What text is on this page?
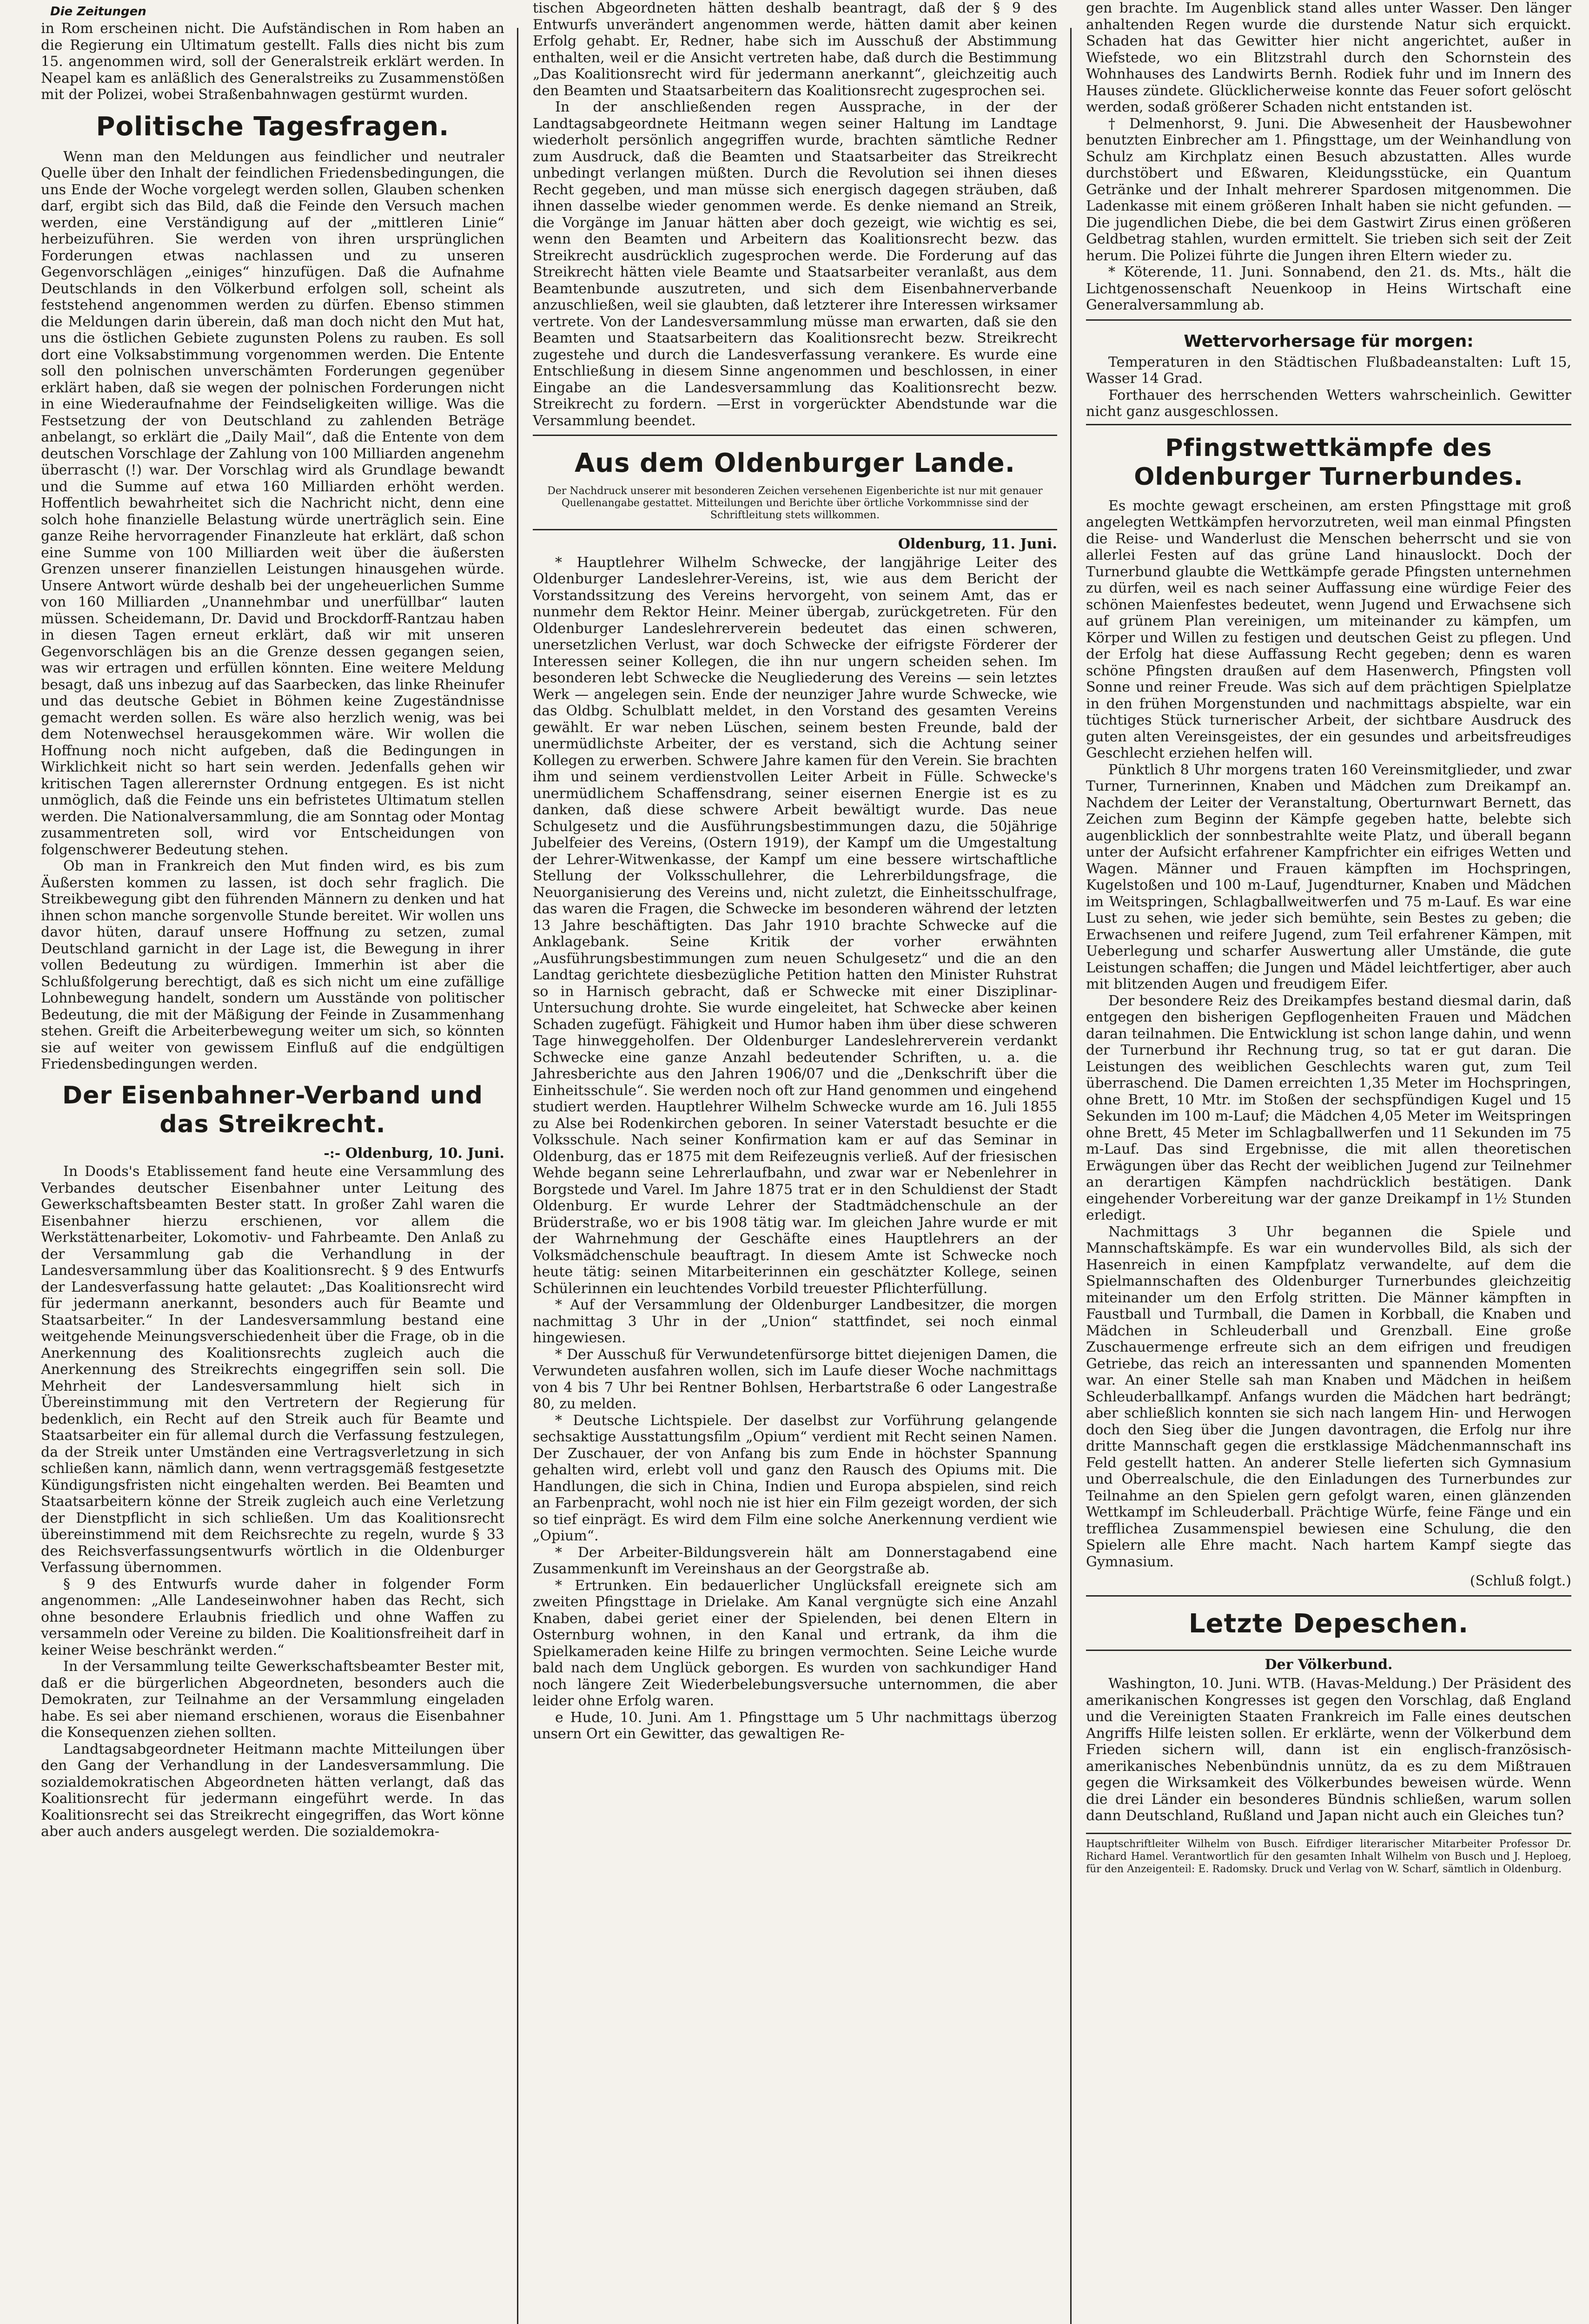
Die Zeitungen

in Rom erscheinen nicht. Die Aufständischen in Rom haben an die Regierung ein Ultimatum gestellt. Falls dies nicht bis zum 15. angenommen wird, soll der Generalstreik erklärt werden. In Neapel kam es anläßlich des Generalstreiks zu Zusammenstößen mit der Polizei, wobei Straßenbahnwagen gestürmt wurden.

Politische Tagesfragen.

Wenn man den Meldungen aus feindlicher und neutraler Quelle über den Inhalt der feindlichen Friedensbedingungen, die uns Ende der Woche vorgelegt werden sollen, Glauben schenken darf, ergibt sich das Bild, daß die Feinde den Versuch machen werden, eine Verständigung auf der „mittleren Linie“ herbeizuführen. Sie werden von ihren ursprünglichen Forderungen etwas nachlassen und zu unseren Gegenvorschlägen „einiges“ hinzufügen. Daß die Aufnahme Deutschlands in den Völkerbund erfolgen soll, scheint als feststehend angenommen werden zu dürfen. Ebenso stimmen die Meldungen darin überein, daß man doch nicht den Mut hat, uns die östlichen Gebiete zugunsten Polens zu rauben. Es soll dort eine Volksabstimmung vorgenommen werden. Die Entente soll den polnischen unverschämten Forderungen gegenüber erklärt haben, daß sie wegen der polnischen Forderungen nicht in eine Wiederaufnahme der Feindseligkeiten willige. Was die Festsetzung der von Deutschland zu zahlenden Beträge anbelangt, so erklärt die „Daily Mail“, daß die Entente von dem deutschen Vorschlage der Zahlung von 100 Milliarden angenehm überrascht (!) war. Der Vorschlag wird als Grundlage bewandt und die Summe auf etwa 160 Milliarden erhöht werden. Hoffentlich bewahrheitet sich die Nachricht nicht, denn eine solch hohe finanzielle Belastung würde unerträglich sein. Eine ganze Reihe hervorragender Finanzleute hat erklärt, daß schon eine Summe von 100 Milliarden weit über die äußersten Grenzen unserer finanziellen Leistungen hinausgehen würde. Unsere Antwort würde deshalb bei der ungeheuerlichen Summe von 160 Milliarden „Unannehmbar und unerfüllbar“ lauten müssen. Scheidemann, Dr. David und Brockdorff-Rantzau haben in diesen Tagen erneut erklärt, daß wir mit unseren Gegenvorschlägen bis an die Grenze dessen gegangen seien, was wir ertragen und erfüllen könnten. Eine weitere Meldung besagt, daß uns inbezug auf das Saarbecken, das linke Rheinufer und das deutsche Gebiet in Böhmen keine Zugeständnisse gemacht werden sollen. Es wäre also herzlich wenig, was bei dem Notenwechsel herausgekommen wäre. Wir wollen die Hoffnung noch nicht aufgeben, daß die Bedingungen in Wirklichkeit nicht so hart sein werden. Jedenfalls gehen wir kritischen Tagen allerernster Ordnung entgegen. Es ist nicht unmöglich, daß die Feinde uns ein befristetes Ultimatum stellen werden. Die Nationalversammlung, die am Sonntag oder Montag zusammentreten soll, wird vor Entscheidungen von folgenschwerer Bedeutung stehen.

Ob man in Frankreich den Mut finden wird, es bis zum Äußersten kommen zu lassen, ist doch sehr fraglich. Die Streikbewegung gibt den führenden Männern zu denken und hat ihnen schon manche sorgenvolle Stunde bereitet. Wir wollen uns davor hüten, darauf unsere Hoffnung zu setzen, zumal Deutschland garnicht in der Lage ist, die Bewegung in ihrer vollen Bedeutung zu würdigen. Immerhin ist aber die Schlußfolgerung berechtigt, daß es sich nicht um eine zufällige Lohnbewegung handelt, sondern um Ausstände von politischer Bedeutung, die mit der Mäßigung der Feinde in Zusammenhang stehen. Greift die Arbeiterbewegung weiter um sich, so könnten sie auf weiter von gewissem Einfluß auf die endgültigen Friedensbedingungen werden.

Der Eisenbahner-Verband und das Streikrecht.

-:- Oldenburg, 10. Juni.

In Doods's Etablissement fand heute eine Versammlung des Verbandes deutscher Eisenbahner unter Leitung des Gewerkschaftsbeamten Bester statt. In großer Zahl waren die Eisenbahner hierzu erschienen, vor allem die Werkstättenarbeiter, Lokomotiv- und Fahrbeamte. Den Anlaß zu der Versammlung gab die Verhandlung in der Landesversammlung über das Koalitionsrecht. § 9 des Entwurfs der Landesverfassung hatte gelautet: „Das Koalitionsrecht wird für jedermann anerkannt, besonders auch für Beamte und Staatsarbeiter.“ In der Landesversammlung bestand eine weitgehende Meinungsverschiedenheit über die Frage, ob in die Anerkennung des Koalitionsrechts zugleich auch die Anerkennung des Streikrechts eingegriffen sein soll. Die Mehrheit der Landesversammlung hielt sich in Übereinstimmung mit den Vertretern der Regierung für bedenklich, ein Recht auf den Streik auch für Beamte und Staatsarbeiter ein für allemal durch die Verfassung festzulegen, da der Streik unter Umständen eine Vertragsverletzung in sich schließen kann, nämlich dann, wenn vertragsgemäß festgesetzte Kündigungsfristen nicht eingehalten werden. Bei Beamten und Staatsarbeitern könne der Streik zugleich auch eine Verletzung der Dienstpflicht in sich schließen. Um das Koalitionsrecht übereinstimmend mit dem Reichsrechte zu regeln, wurde § 33 des Reichsverfassungsentwurfs wörtlich in die Oldenburger Verfassung übernommen.

§ 9 des Entwurfs wurde daher in folgender Form angenommen: „Alle Landeseinwohner haben das Recht, sich ohne besondere Erlaubnis friedlich und ohne Waffen zu versammeln oder Vereine zu bilden. Die Koalitionsfreiheit darf in keiner Weise beschränkt werden.“

In der Versammlung teilte Gewerkschaftsbeamter Bester mit, daß er die bürgerlichen Abgeordneten, besonders auch die Demokraten, zur Teilnahme an der Versammlung eingeladen habe. Es sei aber niemand erschienen, woraus die Eisenbahner die Konsequenzen ziehen sollten.

Landtagsabgeordneter Heitmann machte Mitteilungen über den Gang der Verhandlung in der Landesversammlung. Die sozialdemokratischen Abgeordneten hätten verlangt, daß das Koalitionsrecht für jedermann eingeführt werde. In das Koalitionsrecht sei das Streikrecht eingegriffen, das Wort könne aber auch anders ausgelegt werden. Die sozialdemokra-

tischen Abgeordneten hätten deshalb beantragt, daß der § 9 des Entwurfs unverändert angenommen werde, hätten damit aber keinen Erfolg gehabt. Er, Redner, habe sich im Ausschuß der Abstimmung enthalten, weil er die Ansicht vertreten habe, daß durch die Bestimmung „Das Koalitionsrecht wird für jedermann anerkannt“, gleichzeitig auch den Beamten und Staatsarbeitern das Koalitionsrecht zugesprochen sei.

In der anschließenden regen Aussprache, in der der Landtagsabgeordnete Heitmann wegen seiner Haltung im Landtage wiederholt persönlich angegriffen wurde, brachten sämtliche Redner zum Ausdruck, daß die Beamten und Staatsarbeiter das Streikrecht unbedingt verlangen müßten. Durch die Revolution sei ihnen dieses Recht gegeben, und man müsse sich energisch dagegen sträuben, daß ihnen dasselbe wieder genommen werde. Es denke niemand an Streik, die Vorgänge im Januar hätten aber doch gezeigt, wie wichtig es sei, wenn den Beamten und Arbeitern das Koalitionsrecht bezw. das Streikrecht ausdrücklich zugesprochen werde. Die Forderung auf das Streikrecht hätten viele Beamte und Staatsarbeiter veranlaßt, aus dem Beamtenbunde auszutreten, und sich dem Eisenbahnerverbande anzuschließen, weil sie glaubten, daß letzterer ihre Interessen wirksamer vertrete. Von der Landesversammlung müsse man erwarten, daß sie den Beamten und Staatsarbeitern das Koalitionsrecht bezw. Streikrecht zugestehe und durch die Landesverfassung verankere. Es wurde eine Entschließung in diesem Sinne angenommen und beschlossen, in einer Eingabe an die Landesversammlung das Koalitionsrecht bezw. Streikrecht zu fordern. —Erst in vorgerückter Abendstunde war die Versammlung beendet.

Aus dem Oldenburger Lande.

Der Nachdruck unserer mit besonderen Zeichen versehenen Eigenberichte ist nur mit genauer Quellenangabe gestattet. Mitteilungen und Berichte über örtliche Vorkommnisse sind der Schriftleitung stets willkommen.

Oldenburg, 11. Juni.

* Hauptlehrer Wilhelm Schwecke, der langjährige Leiter des Oldenburger Landeslehrer-Vereins, ist, wie aus dem Bericht der Vorstandssitzung des Vereins hervorgeht, von seinem Amt, das er nunmehr dem Rektor Heinr. Meiner übergab, zurückgetreten. Für den Oldenburger Landeslehrerverein bedeutet das einen schweren, unersetzlichen Verlust, war doch Schwecke der eifrigste Förderer der Interessen seiner Kollegen, die ihn nur ungern scheiden sehen. Im besonderen lebt Schwecke die Neugliederung des Vereins — sein letztes Werk — angelegen sein. Ende der neunziger Jahre wurde Schwecke, wie das Oldbg. Schulblatt meldet, in den Vorstand des gesamten Vereins gewählt. Er war neben Lüschen, seinem besten Freunde, bald der unermüdlichste Arbeiter, der es verstand, sich die Achtung seiner Kollegen zu erwerben. Schwere Jahre kamen für den Verein. Sie brachten ihm und seinem verdienstvollen Leiter Arbeit in Fülle. Schwecke's unermüdlichem Schaffensdrang, seiner eisernen Energie ist es zu danken, daß diese schwere Arbeit bewältigt wurde. Das neue Schulgesetz und die Ausführungsbestimmungen dazu, die 50jährige Jubelfeier des Vereins, (Ostern 1919), der Kampf um die Umgestaltung der Lehrer-Witwenkasse, der Kampf um eine bessere wirtschaftliche Stellung der Volksschullehrer, die Lehrerbildungsfrage, die Neuorganisierung des Vereins und, nicht zuletzt, die Einheitsschulfrage, das waren die Fragen, die Schwecke im besonderen während der letzten 13 Jahre beschäftigten. Das Jahr 1910 brachte Schwecke auf die Anklagebank. Seine Kritik der vorher erwähnten „Ausführungsbestimmungen zum neuen Schulgesetz“ und die an den Landtag gerichtete diesbezügliche Petition hatten den Minister Ruhstrat so in Harnisch gebracht, daß er Schwecke mit einer Disziplinar-Untersuchung drohte. Sie wurde eingeleitet, hat Schwecke aber keinen Schaden zugefügt. Fähigkeit und Humor haben ihm über diese schweren Tage hinweggeholfen. Der Oldenburger Landeslehrerverein verdankt Schwecke eine ganze Anzahl bedeutender Schriften, u. a. die Jahresberichte aus den Jahren 1906/07 und die „Denkschrift über die Einheitsschule“. Sie werden noch oft zur Hand genommen und eingehend studiert werden. Hauptlehrer Wilhelm Schwecke wurde am 16. Juli 1855 zu Alse bei Rodenkirchen geboren. In seiner Vaterstadt besuchte er die Volksschule. Nach seiner Konfirmation kam er auf das Seminar in Oldenburg, das er 1875 mit dem Reifezeugnis verließ. Auf der friesischen Wehde begann seine Lehrerlaufbahn, und zwar war er Nebenlehrer in Borgstede und Varel. Im Jahre 1875 trat er in den Schuldienst der Stadt Oldenburg. Er wurde Lehrer der Stadtmädchenschule an der Brüderstraße, wo er bis 1908 tätig war. Im gleichen Jahre wurde er mit der Wahrnehmung der Geschäfte eines Hauptlehrers an der Volksmädchenschule beauftragt. In diesem Amte ist Schwecke noch heute tätig: seinen Mitarbeiterinnen ein geschätzter Kollege, seinen Schülerinnen ein leuchtendes Vorbild treuester Pflichterfüllung.

* Auf der Versammlung der Oldenburger Landbesitzer, die morgen nachmittag 3 Uhr in der „Union“ stattfindet, sei noch einmal hingewiesen.

* Der Ausschuß für Verwundetenfürsorge bittet diejenigen Damen, die Verwundeten ausfahren wollen, sich im Laufe dieser Woche nachmittags von 4 bis 7 Uhr bei Rentner Bohlsen, Herbartstraße 6 oder Langestraße 80, zu melden.

* Deutsche Lichtspiele. Der daselbst zur Vorführung gelangende sechsaktige Ausstattungsfilm „Opium“ verdient mit Recht seinen Namen. Der Zuschauer, der von Anfang bis zum Ende in höchster Spannung gehalten wird, erlebt voll und ganz den Rausch des Opiums mit. Die Handlungen, die sich in China, Indien und Europa abspielen, sind reich an Farbenpracht, wohl noch nie ist hier ein Film gezeigt worden, der sich so tief einprägt. Es wird dem Film eine solche Anerkennung verdient wie „Opium“.

* Der Arbeiter-Bildungsverein hält am Donnerstagabend eine Zusammenkunft im Vereinshaus an der Georgstraße ab.

* Ertrunken. Ein bedauerlicher Unglücksfall ereignete sich am zweiten Pfingsttage in Drielake. Am Kanal vergnügte sich eine Anzahl Knaben, dabei geriet einer der Spielenden, bei denen Eltern in Osternburg wohnen, in den Kanal und ertrank, da ihm die Spielkameraden keine Hilfe zu bringen vermochten. Seine Leiche wurde bald nach dem Unglück geborgen. Es wurden von sachkundiger Hand noch längere Zeit Wiederbelebungsversuche unternommen, die aber leider ohne Erfolg waren.

e Hude, 10. Juni. Am 1. Pfingsttage um 5 Uhr nachmittags überzog unsern Ort ein Gewitter, das gewaltigen Re-

gen brachte. Im Augenblick stand alles unter Wasser. Den länger anhaltenden Regen wurde die durstende Natur sich erquickt. Schaden hat das Gewitter hier nicht angerichtet, außer in Wiefstede, wo ein Blitzstrahl durch den Schornstein des Wohnhauses des Landwirts Bernh. Rodiek fuhr und im Innern des Hauses zündete. Glücklicherweise konnte das Feuer sofort gelöscht werden, sodaß größerer Schaden nicht entstanden ist.

† Delmenhorst, 9. Juni. Die Abwesenheit der Hausbewohner benutzten Einbrecher am 1. Pfingsttage, um der Weinhandlung von Schulz am Kirchplatz einen Besuch abzustatten. Alles wurde durchstöbert und Eßwaren, Kleidungsstücke, ein Quantum Getränke und der Inhalt mehrerer Spardosen mitgenommen. Die Ladenkasse mit einem größeren Inhalt haben sie nicht gefunden. — Die jugendlichen Diebe, die bei dem Gastwirt Zirus einen größeren Geldbetrag stahlen, wurden ermittelt. Sie trieben sich seit der Zeit herum. Die Polizei führte die Jungen ihren Eltern wieder zu.

* Köterende, 11. Juni. Sonnabend, den 21. ds. Mts., hält die Lichtgenossenschaft Neuenkoop in Heins Wirtschaft eine Generalversammlung ab.

Wettervorhersage für morgen:

Temperaturen in den Städtischen Flußbadeanstalten: Luft 15, Wasser 14 Grad.

Forthauer des herrschenden Wetters wahrscheinlich. Gewitter nicht ganz ausgeschlossen.

Pfingstwettkämpfe des Oldenburger Turnerbundes.

Es mochte gewagt erscheinen, am ersten Pfingsttage mit groß angelegten Wettkämpfen hervorzutreten, weil man einmal Pfingsten die Reise- und Wanderlust die Menschen beherrscht und sie von allerlei Festen auf das grüne Land hinauslockt. Doch der Turnerbund glaubte die Wettkämpfe gerade Pfingsten unternehmen zu dürfen, weil es nach seiner Auffassung eine würdige Feier des schönen Maienfestes bedeutet, wenn Jugend und Erwachsene sich auf grünem Plan vereinigen, um miteinander zu kämpfen, um Körper und Willen zu festigen und deutschen Geist zu pflegen. Und der Erfolg hat diese Auffassung Recht gegeben; denn es waren schöne Pfingsten draußen auf dem Hasenwerch, Pfingsten voll Sonne und reiner Freude. Was sich auf dem prächtigen Spielplatze in den frühen Morgenstunden und nachmittags abspielte, war ein tüchtiges Stück turnerischer Arbeit, der sichtbare Ausdruck des guten alten Vereinsgeistes, der ein gesundes und arbeitsfreudiges Geschlecht erziehen helfen will.

Pünktlich 8 Uhr morgens traten 160 Vereinsmitglieder, und zwar Turner, Turnerinnen, Knaben und Mädchen zum Dreikampf an. Nachdem der Leiter der Veranstaltung, Oberturnwart Bernett, das Zeichen zum Beginn der Kämpfe gegeben hatte, belebte sich augenblicklich der sonnbestrahlte weite Platz, und überall begann unter der Aufsicht erfahrener Kampfrichter ein eifriges Wetten und Wagen. Männer und Frauen kämpften im Hochspringen, Kugelstoßen und 100 m-Lauf, Jugendturner, Knaben und Mädchen im Weitspringen, Schlagballweitwerfen und 75 m-Lauf. Es war eine Lust zu sehen, wie jeder sich bemühte, sein Bestes zu geben; die Erwachsenen und reifere Jugend, zum Teil erfahrener Kämpen, mit Ueberlegung und scharfer Auswertung aller Umstände, die gute Leistungen schaffen; die Jungen und Mädel leichtfertiger, aber auch mit blitzenden Augen und freudigem Eifer.

Der besondere Reiz des Dreikampfes bestand diesmal darin, daß entgegen den bisherigen Gepflogenheiten Frauen und Mädchen daran teilnahmen. Die Entwicklung ist schon lange dahin, und wenn der Turnerbund ihr Rechnung trug, so tat er gut daran. Die Leistungen des weiblichen Geschlechts waren gut, zum Teil überraschend. Die Damen erreichten 1,35 Meter im Hochspringen, ohne Brett, 10 Mtr. im Stoßen der sechspfündigen Kugel und 15 Sekunden im 100 m-Lauf; die Mädchen 4,05 Meter im Weitspringen ohne Brett, 45 Meter im Schlagballwerfen und 11 Sekunden im 75 m-Lauf. Das sind Ergebnisse, die mit allen theoretischen Erwägungen über das Recht der weiblichen Jugend zur Teilnehmer an derartigen Kämpfen nachdrücklich bestätigen. Dank eingehender Vorbereitung war der ganze Dreikampf in 1½ Stunden erledigt.

Nachmittags 3 Uhr begannen die Spiele und Mannschaftskämpfe. Es war ein wundervolles Bild, als sich der Hasenreich in einen Kampfplatz verwandelte, auf dem die Spielmannschaften des Oldenburger Turnerbundes gleichzeitig miteinander um den Erfolg stritten. Die Männer kämpften in Faustball und Turmball, die Damen in Korbball, die Knaben und Mädchen in Schleuderball und Grenzball. Eine große Zuschauermenge erfreute sich an dem eifrigen und freudigen Getriebe, das reich an interessanten und spannenden Momenten war. An einer Stelle sah man Knaben und Mädchen in heißem Schleuderballkampf. Anfangs wurden die Mädchen hart bedrängt; aber schließlich konnten sie sich nach langem Hin- und Herwogen doch den Sieg über die Jungen davontragen, die Erfolg nur ihre dritte Mannschaft gegen die erstklassige Mädchenmannschaft ins Feld gestellt hatten. An anderer Stelle lieferten sich Gymnasium und Oberrealschule, die den Einladungen des Turnerbundes zur Teilnahme an den Spielen gern gefolgt waren, einen glänzenden Wettkampf im Schleuderball. Prächtige Würfe, feine Fänge und ein trefflichea Zusammenspiel bewiesen eine Schulung, die den Spielern alle Ehre macht. Nach hartem Kampf siegte das Gymnasium.

(Schluß folgt.)

Letzte Depeschen.

Der Völkerbund.

Washington, 10. Juni. WTB. (Havas-Meldung.) Der Präsident des amerikanischen Kongresses ist gegen den Vorschlag, daß England und die Vereinigten Staaten Frankreich im Falle eines deutschen Angriffs Hilfe leisten sollen. Er erklärte, wenn der Völkerbund dem Frieden sichern will, dann ist ein englisch-französisch-amerikanisches Nebenbündnis unnütz, da es zu dem Mißtrauen gegen die Wirksamkeit des Völkerbundes beweisen würde. Wenn die drei Länder ein besonderes Bündnis schließen, warum sollen dann Deutschland, Rußland und Japan nicht auch ein Gleiches tun?

Hauptschriftleiter Wilhelm von Busch. Eifrdiger literarischer Mitarbeiter Professor Dr. Richard Hamel. Verantwortlich für den gesamten Inhalt Wilhelm von Busch und J. Heploeg, für den Anzeigenteil: E. Radomsky. Druck und Verlag von W. Scharf, sämtlich in Oldenburg.
